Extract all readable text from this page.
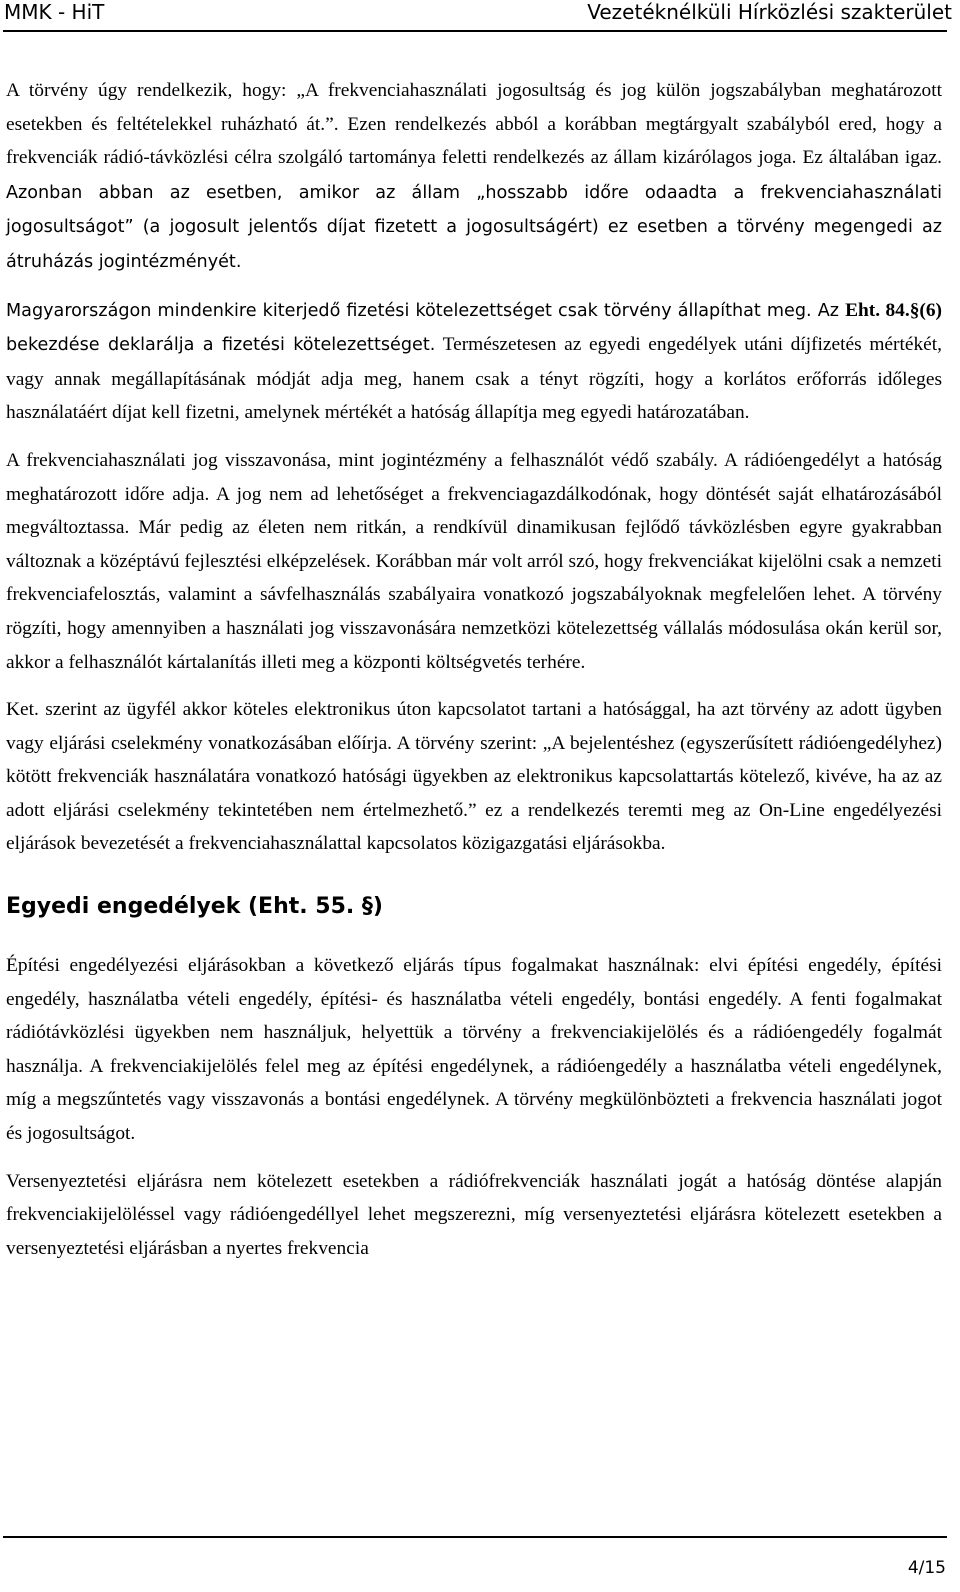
MMK - HiT	Vezetéknélküli Hírközlési szakterület

A törvény úgy rendelkezik, hogy: „A frekvenciahasználati jogosultság és jog külön jogszabályban meghatározott esetekben és feltételekkel ruházható át.”. Ezen rendelkezés abból a korábban megtárgyalt szabályból ered, hogy a frekvenciák rádió-távközlési célra szolgáló tartománya feletti rendelkezés az állam kizárólagos joga. Ez általában igaz. Azonban abban az esetben, amikor az állam „hosszabb időre odaadta a frekvenciahasználati jogosultságot” (a jogosult jelentős díjat fizetett a jogosultságért) ez esetben a törvény megengedi az átruházás jogintézményét.

Magyarországon mindenkire kiterjedő fizetési kötelezettséget csak törvény állapíthat meg. Az Eht. 84.§(6) bekezdése deklarálja a fizetési kötelezettséget. Természetesen az egyedi engedélyek utáni díjfizetés mértékét, vagy annak megállapításának módját adja meg, hanem csak a tényt rögzíti, hogy a korlátos erőforrás időleges használatáért díjat kell fizetni, amelynek mértékét a hatóság állapítja meg egyedi határozatában.

A frekvenciahasználati jog visszavonása, mint jogintézmény a felhasználót védő szabály. A rádióengedélyt a hatóság meghatározott időre adja. A jog nem ad lehetőséget a frekvenciagazdálkodónak, hogy döntését saját elhatározásából megváltoztassa. Már pedig az életen nem ritkán, a rendkívül dinamikusan fejlődő távközlésben egyre gyakrabban változnak a középtávú fejlesztési elképzelések. Korábban már volt arról szó, hogy frekvenciákat kijelölni csak a nemzeti frekvenciafelosztás, valamint a sávfelhasználás szabályaira vonatkozó jogszabályoknak megfelelően lehet. A törvény rögzíti, hogy amennyiben a használati jog visszavonására nemzetközi kötelezettség vállalás módosulása okán kerül sor, akkor a felhasználót kártalanítás illeti meg a központi költségvetés terhére.

Ket. szerint az ügyfél akkor köteles elektronikus úton kapcsolatot tartani a hatósággal, ha azt törvény az adott ügyben vagy eljárási cselekmény vonatkozásában előírja. A törvény szerint: „A bejelentéshez (egyszerűsített rádióengedélyhez) kötött frekvenciák használatára vonatkozó hatósági ügyekben az elektronikus kapcsolattartás kötelező, kivéve, ha az az adott eljárási cselekmény tekintetében nem értelmezhető.” ez a rendelkezés teremti meg az On-Line engedélyezési eljárások bevezetését a frekvenciahasználattal kapcsolatos közigazgatási eljárásokba.

Egyedi engedélyek (Eht. 55. §)

Építési engedélyezési eljárásokban a következő eljárás típus fogalmakat használnak: elvi építési engedély, építési engedély, használatba vételi engedély, építési- és használatba vételi engedély, bontási engedély. A fenti fogalmakat rádiótávközlési ügyekben nem használjuk, helyettük a törvény a frekvenciakijelölés és a rádióengedély fogalmát használja. A frekvenciakijelölés felel meg az építési engedélynek, a rádióengedély a használatba vételi engedélynek, míg a megszűntetés vagy visszavonás a bontási engedélynek. A törvény megkülönbözteti a frekvencia használati jogot és jogosultságot.

Versenyeztetési eljárásra nem kötelezett esetekben a rádiófrekvenciák használati jogát a hatóság döntése alapján frekvenciakijelöléssel vagy rádióengedéllyel lehet megszerezni, míg versenyeztetési eljárásra kötelezett esetekben a versenyeztetési eljárásban a nyertes frekvencia

4/15
